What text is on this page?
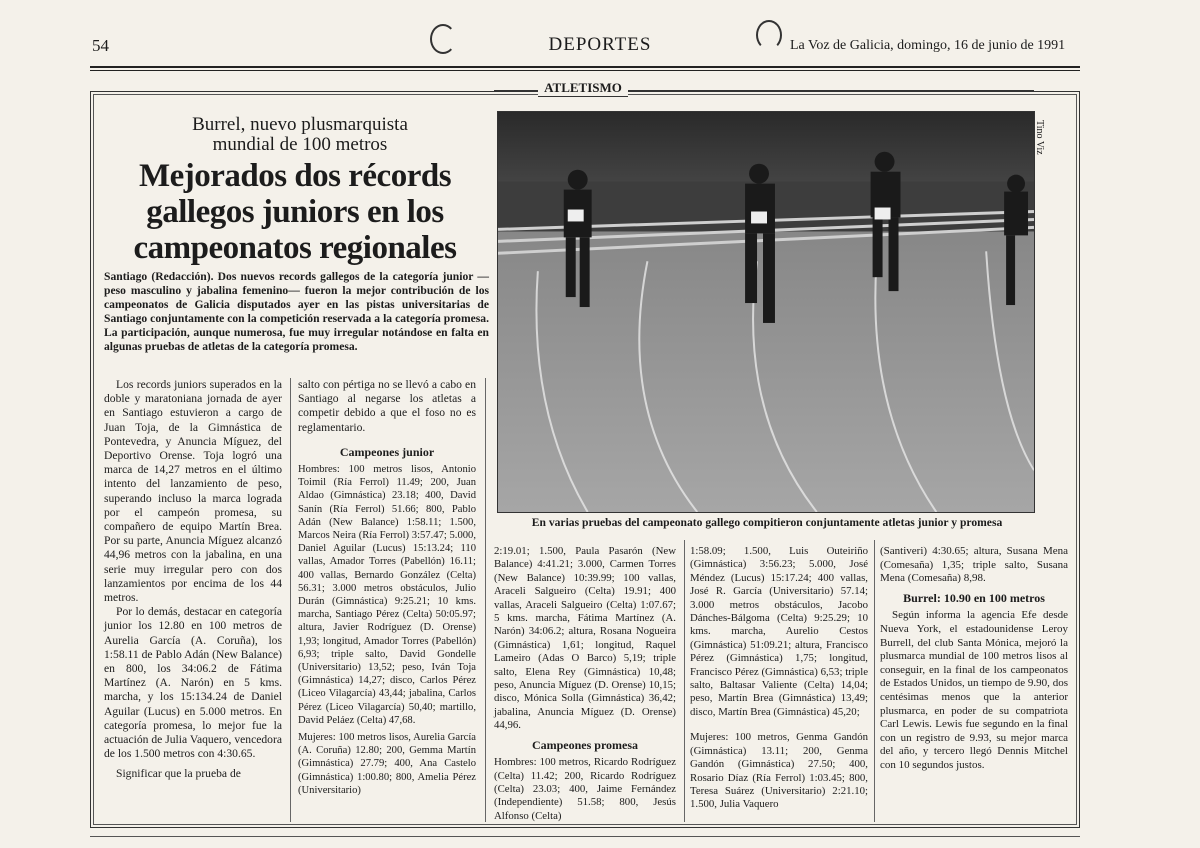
54	DEPORTES	La Voz de Galicia, domingo, 16 de junio de 1991
ATLETISMO
Burrel, nuevo plusmarquista
mundial de 100 metros
Mejorados dos récords
gallegos juniors en los
campeonatos regionales
Santiago (Redacción). Dos nuevos records gallegos de la categoría junior —peso masculino y jabalina femenino— fueron la mejor contribución de los campeonatos de Galicia disputados ayer en las pistas universitarias de Santiago conjuntamente con la competición reservada a la categoría promesa. La participación, aunque numerosa, fue muy irregular notándose en falta en algunas pruebas de atletas de la categoría promesa.

Los records juniors superados en la doble y maratoniana jornada de ayer en Santiago estuvieron a cargo de Juan Toja, de la Gimnástica de Pontevedra, y Anuncia Míguez, del Deportivo Orense. Toja logró una marca de 14,27 metros en el último intento del lanzamiento de peso, superando incluso la marca lograda por el campeón promesa, su compañero de equipo Martín Brea. Por su parte, Anuncia Míguez alcanzó 44,96 metros con la jabalina, en una serie muy irregular pero con dos lanzamientos por encima de los 44 metros.

Por lo demás, destacar en categoría junior los 12.80 en 100 metros de Aurelia García (A. Coruña), los 1:58.11 de Pablo Adán (New Balance) en 800, los 34:06.2 de Fátima Martínez (A. Narón) en 5 kms. marcha, y los 15:134.24 de Daniel Aguilar (Lucus) en 5.000 metros. En categoría promesa, lo mejor fue la actuación de Julia Vaquero, vencedora de los 1.500 metros con 4:30.65.

Significar que la prueba de

salto con pértiga no se llevó a cabo en Santiago al negarse los atletas a competir debido a que el foso no es reglamentario.

Campeones junior

Hombres: 100 metros lisos, Antonio Toimil (Ría Ferrol) 11.49; 200, Juan Aldao (Gimnástica) 23.18; 400, David Sanín (Ría Ferrol) 51.66; 800, Pablo Adán (New Balance) 1:58.11; 1.500, Marcos Neira (Ría Ferrol) 3:57.47; 5.000, Daniel Aguilar (Lucus) 15:13.24; 110 vallas, Amador Torres (Pabellón) 16.11; 400 vallas, Bernardo González (Celta) 56.31; 3.000 metros obstáculos, Julio Durán (Gimnástica) 9:25.21; 10 kms. marcha, Santiago Pérez (Celta) 50:05.97; altura, Javier Rodríguez (D. Orense) 1,93; longitud, Amador Torres (Pabellón) 6,93; triple salto, David Gondelle (Universitario) 13,52; peso, Iván Toja (Gimnástica) 14,27; disco, Carlos Pérez (Liceo Vilagarcía) 43,44; jabalina, Carlos Pérez (Liceo Vilagarcía) 50,40; martillo, David Peláez (Celta) 47,68.

Mujeres: 100 metros lisos, Aurelia García (A. Coruña) 12.80; 200, Gemma Martín (Gimnástica) 27.79; 400, Ana Castelo (Gimnástica) 1:00.80; 800, Amelia Pérez (Universitario)

Tino Viz
En varias pruebas del campeonato gallego compitieron conjuntamente atletas junior y promesa

2:19.01; 1.500, Paula Pasarón (New Balance) 4:41.21; 3.000, Carmen Torres (New Balance) 10:39.99; 100 vallas, Araceli Salgueiro (Celta) 19.91; 400 vallas, Araceli Salgueiro (Celta) 1:07.67; 5 kms. marcha, Fátima Martínez (A. Narón) 34:06.2; altura, Rosana Nogueira (Gimnástica) 1,61; longitud, Raquel Lameiro (Adas O Barco) 5,19; triple salto, Elena Rey (Gimnástica) 10,48; peso, Anuncia Míguez (D. Orense) 10,15; disco, Mónica Solla (Gimnástica) 36,42; jabalina, Anuncia Míguez (D. Orense) 44,96.

Campeones promesa

Hombres: 100 metros, Ricardo Rodríguez (Celta) 11.42; 200, Ricardo Rodríguez (Celta) 23.03; 400, Jaime Fernández (Independiente) 51.58; 800, Jesús Alfonso (Celta)

1:58.09; 1.500, Luis Outeiriño (Gimnástica) 3:56.23; 5.000, José Méndez (Lucus) 15:17.24; 400 vallas, José R. García (Universitario) 57.14; 3.000 metros obstáculos, Jacobo Dánches-Bálgoma (Celta) 9:25.29; 10 kms. marcha, Aurelio Cestos (Gimnástica) 51:09.21; altura, Francisco Pérez (Gimnástica) 1,75; longitud, Francisco Pérez (Gimnástica) 6,53; triple salto, Baltasar Valiente (Celta) 14,04; peso, Martín Brea (Gimnástica) 13,49; disco, Martín Brea (Gimnástica) 45,20;

Mujeres: 100 metros, Genma Gandón (Gimnástica) 13.11; 200, Genma Gandón (Gimnástica) 27.50; 400, Rosario Díaz (Ría Ferrol) 1:03.45; 800, Teresa Suárez (Universitario) 2:21.10; 1.500, Julia Vaquero

(Santiveri) 4:30.65; altura, Susana Mena (Comesaña) 1,35; triple salto, Susana Mena (Comesaña) 8,98.

Burrel: 10.90 en 100 metros

Según informa la agencia Efe desde Nueva York, el estadounidense Leroy Burrell, del club Santa Mónica, mejoró la plusmarca mundial de 100 metros lisos al conseguir, en la final de los campeonatos de Estados Unidos, un tiempo de 9.90, dos centésimas menos que la anterior plusmarca, en poder de su compatriota Carl Lewis. Lewis fue segundo en la final con un registro de 9.93, su mejor marca del año, y tercero llegó Dennis Mitchel con 10 segundos justos.
